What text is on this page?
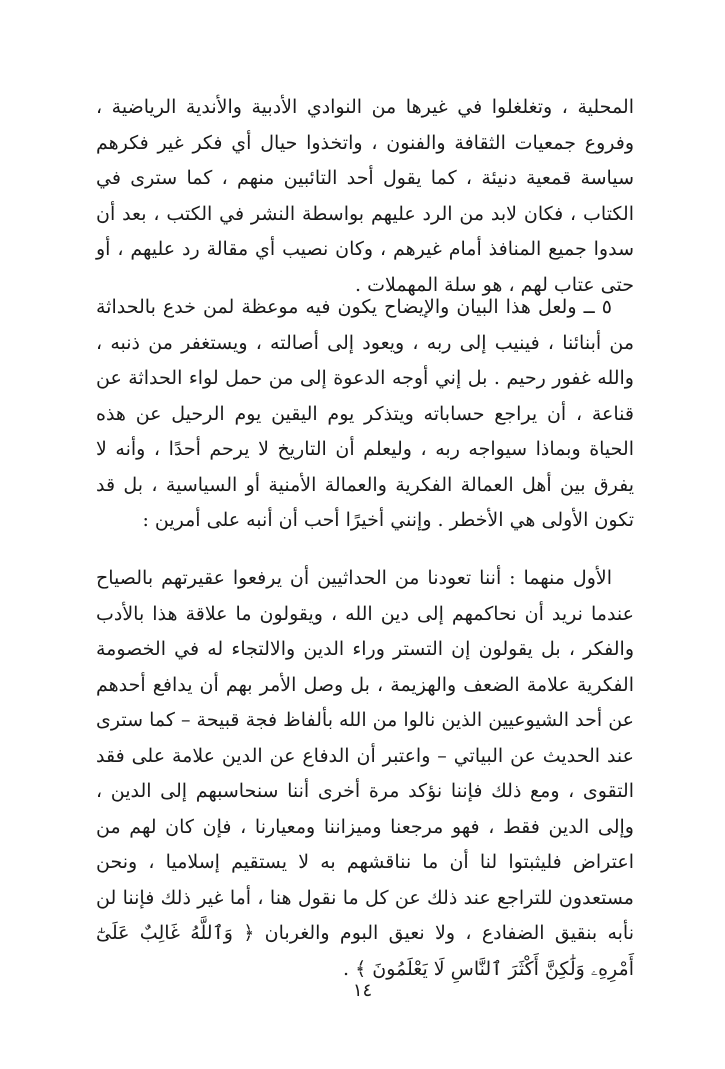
المحلية ، وتغلغلوا في غيرها من النوادي الأدبية والأندية الرياضية ، وفروع جمعيات الثقافة والفنون ، واتخذوا حيال أي فكر غير فكرهم سياسة قمعية دنيئة ، كما يقول أحد التائبين منهم ، كما سترى في الكتاب ، فكان لابد من الرد عليهم بواسطة النشر في الكتب ، بعد أن سدوا جميع المنافذ أمام غيرهم ، وكان نصيب أي مقالة رد عليهم ، أو حتى عتاب لهم ، هو سلة المهملات .

٥ ــ ولعل هذا البيان والإيضاح يكون فيه موعظة لمن خدع بالحداثة من أبنائنا ، فينيب إلى ربه ، ويعود إلى أصالته ، ويستغفر من ذنبه ، والله غفور رحيم . بل إني أوجه الدعوة إلى من حمل لواء الحداثة عن قناعة ، أن يراجع حساباته ويتذكر يوم اليقين يوم الرحيل عن هذه الحياة وبماذا سيواجه ربه ، وليعلم أن التاريخ لا يرحم أحدًا ، وأنه لا يفرق بين أهل العمالة الفكرية والعمالة الأمنية أو السياسية ، بل قد تكون الأولى هي الأخطر . وإنني أخيرًا أحب أن أنبه على أمرين :

الأول منهما : أننا تعودنا من الحداثيين أن يرفعوا عقيرتهم بالصياح عندما نريد أن نحاكمهم إلى دين الله ، ويقولون ما علاقة هذا بالأدب والفكر ، بل يقولون إن التستر وراء الدين والالتجاء له في الخصومة الفكرية علامة الضعف والهزيمة ، بل وصل الأمر بهم أن يدافع أحدهم عن أحد الشيوعيين الذين نالوا من الله بألفاظ فجة قبيحة – كما سترى عند الحديث عن البياتي – واعتبر أن الدفاع عن الدين علامة على فقد التقوى ، ومع ذلك فإننا نؤكد مرة أخرى أننا سنحاسبهم إلى الدين ، وإلى الدين فقط ، فهو مرجعنا وميزاننا ومعيارنا ، فإن كان لهم من اعتراض فليثبتوا لنا أن ما نناقشهم به لا يستقيم إسلاميا ، ونحن مستعدون للتراجع عند ذلك عن كل ما نقول هنا ، أما غير ذلك فإننا لن نأبه بنقيق الضفادع ، ولا نعيق البوم والغربان ﴿ وَٱللَّهُ غَالِبٌ عَلَىٰٓ أَمْرِهِۦ وَلَٰكِنَّ أَكْثَرَ ٱلنَّاسِ لَا يَعْلَمُونَ ﴾ .

١٤
